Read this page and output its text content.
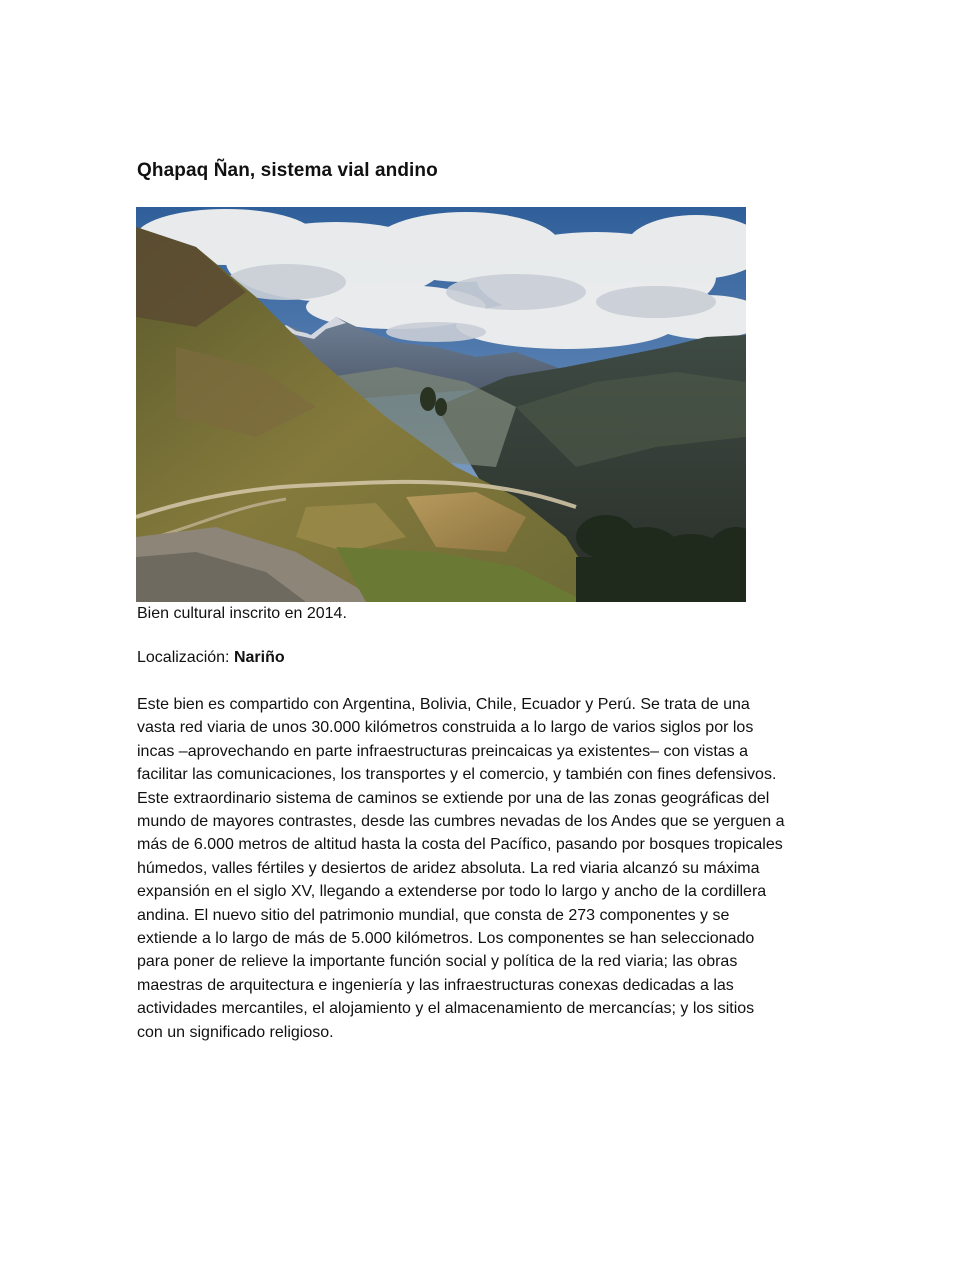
Qhapaq Ñan, sistema vial andino

Bien cultural inscrito en 2014.

Localización: Nariño

Este bien es compartido con Argentina, Bolivia, Chile, Ecuador y Perú. Se trata de una
vasta red viaria de unos 30.000 kilómetros construida a lo largo de varios siglos por los
incas –aprovechando en parte infraestructuras preincaicas ya existentes– con vistas a
facilitar las comunicaciones, los transportes y el comercio, y también con fines defensivos.
Este extraordinario sistema de caminos se extiende por una de las zonas geográficas del
mundo de mayores contrastes, desde las cumbres nevadas de los Andes que se yerguen a
más de 6.000 metros de altitud hasta la costa del Pacífico, pasando por bosques tropicales
húmedos, valles fértiles y desiertos de aridez absoluta. La red viaria alcanzó su máxima
expansión en el siglo XV, llegando a extenderse por todo lo largo y ancho de la cordillera
andina. El nuevo sitio del patrimonio mundial, que consta de 273 componentes y se
extiende a lo largo de más de 5.000 kilómetros. Los componentes se han seleccionado
para poner de relieve la importante función social y política de la red viaria; las obras
maestras de arquitectura e ingeniería y las infraestructuras conexas dedicadas a las
actividades mercantiles, el alojamiento y el almacenamiento de mercancías; y los sitios
con un significado religioso.
